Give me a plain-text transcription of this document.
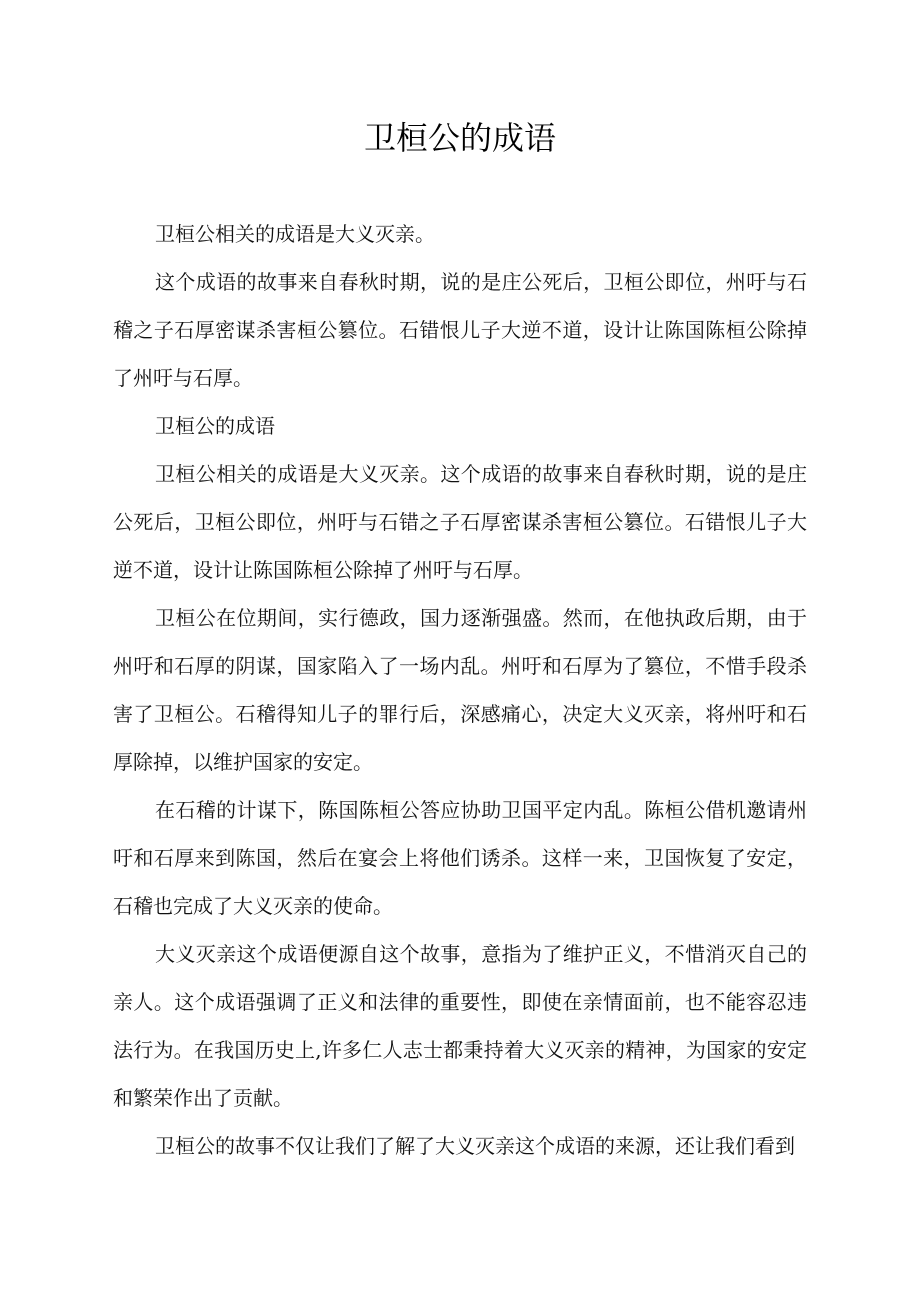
卫桓公的成语

卫桓公相关的成语是大义灭亲。

这个成语的故事来自春秋时期，说的是庄公死后，卫桓公即位，州吁与石稽之子石厚密谋杀害桓公篡位。石错恨儿子大逆不道，设计让陈国陈桓公除掉了州吁与石厚。

卫桓公的成语

卫桓公相关的成语是大义灭亲。这个成语的故事来自春秋时期，说的是庄公死后，卫桓公即位，州吁与石错之子石厚密谋杀害桓公篡位。石错恨儿子大逆不道，设计让陈国陈桓公除掉了州吁与石厚。

卫桓公在位期间，实行德政，国力逐渐强盛。然而，在他执政后期，由于州吁和石厚的阴谋，国家陷入了一场内乱。州吁和石厚为了篡位，不惜手段杀害了卫桓公。石稽得知儿子的罪行后，深感痛心，决定大义灭亲，将州吁和石厚除掉，以维护国家的安定。

在石稽的计谋下，陈国陈桓公答应协助卫国平定内乱。陈桓公借机邀请州吁和石厚来到陈国，然后在宴会上将他们诱杀。这样一来，卫国恢复了安定，石稽也完成了大义灭亲的使命。

大义灭亲这个成语便源自这个故事，意指为了维护正义，不惜消灭自己的亲人。这个成语强调了正义和法律的重要性，即使在亲情面前，也不能容忍违法行为。在我国历史上,许多仁人志士都秉持着大义灭亲的精神，为国家的安定和繁荣作出了贡献。

卫桓公的故事不仅让我们了解了大义灭亲这个成语的来源，还让我们看到
